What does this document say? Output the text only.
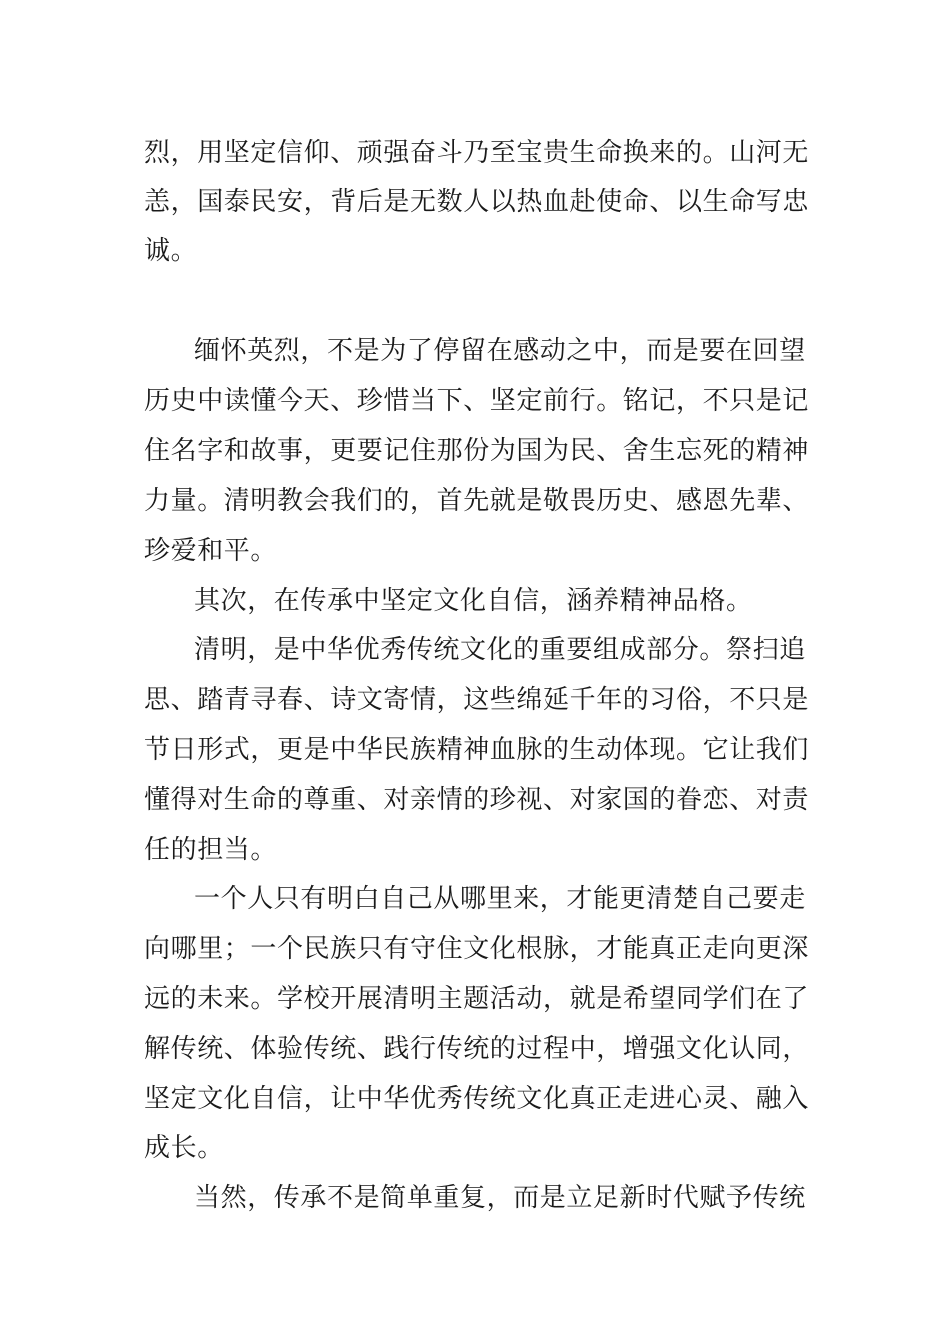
烈，用坚定信仰、顽强奋斗乃至宝贵生命换来的。山河无
恙，国泰民安，背后是无数人以热血赴使命、以生命写忠
诚。
缅怀英烈，不是为了停留在感动之中，而是要在回望
历史中读懂今天、珍惜当下、坚定前行。铭记，不只是记
住名字和故事，更要记住那份为国为民、舍生忘死的精神
力量。清明教会我们的，首先就是敬畏历史、感恩先辈、
珍爱和平。
其次，在传承中坚定文化自信，涵养精神品格。
清明，是中华优秀传统文化的重要组成部分。祭扫追
思、踏青寻春、诗文寄情，这些绵延千年的习俗，不只是
节日形式，更是中华民族精神血脉的生动体现。它让我们
懂得对生命的尊重、对亲情的珍视、对家国的眷恋、对责
任的担当。
一个人只有明白自己从哪里来，才能更清楚自己要走
向哪里；一个民族只有守住文化根脉，才能真正走向更深
远的未来。学校开展清明主题活动，就是希望同学们在了
解传统、体验传统、践行传统的过程中，增强文化认同，
坚定文化自信，让中华优秀传统文化真正走进心灵、融入
成长。
当然，传承不是简单重复，而是立足新时代赋予传统
